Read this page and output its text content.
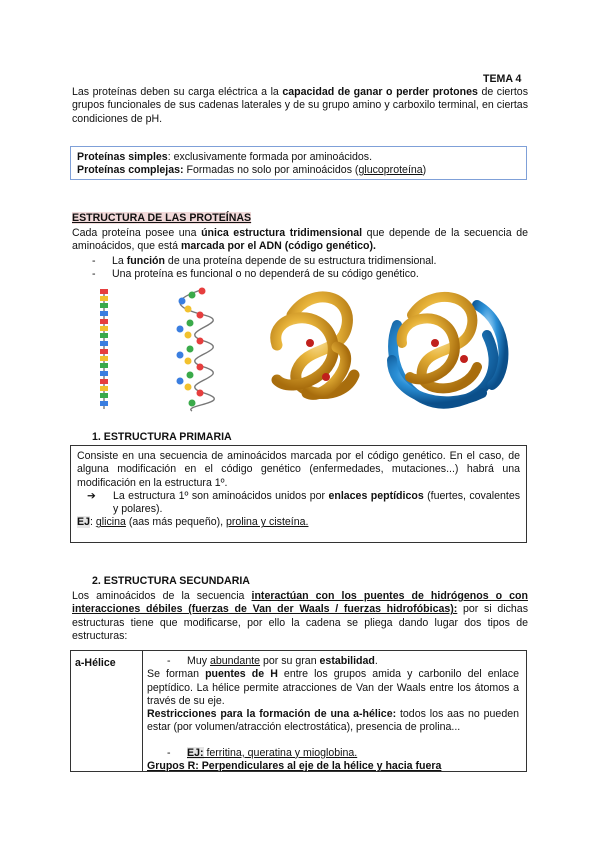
TEMA 4
Las proteínas deben su carga eléctrica a la capacidad de ganar o perder protones de ciertos grupos funcionales de sus cadenas laterales y de su grupo amino y carboxilo terminal, en ciertas condiciones de pH.
Proteínas simples: exclusivamente formada por aminoácidos.
Proteínas complejas: Formadas no solo por aminoácidos (glucoproteína)
ESTRUCTURA DE LAS PROTEÍNAS
Cada proteína posee una única estructura tridimensional que depende de la secuencia de aminoácidos, que está marcada por el ADN (código genético).
- La función de una proteína depende de su estructura tridimensional.
- Una proteína es funcional o no dependerá de su código genético.
1. ESTRUCTURA PRIMARIA
Consiste en una secuencia de aminoácidos marcada por el código genético. En el caso, de alguna modificación en el código genético (enfermedades, mutaciones...) habrá una modificación en la estructura 1º.
➔ La estructura 1º son aminoácidos unidos por enlaces peptídicos (fuertes, covalentes y polares).
EJ: glicina (aas más pequeño), prolina y cisteína.
2. ESTRUCTURA SECUNDARIA
Los aminoácidos de la secuencia interactúan con los puentes de hidrógenos o con interacciones débiles (fuerzas de Van der Waals / fuerzas hidrofóbicas): por si dichas estructuras tiene que modificarse, por ello la cadena se pliega dando lugar dos tipos de estructuras:
a-Hélice
-	Muy abundante por su gran estabilidad.
Se forman puentes de H entre los grupos amida y carbonilo del enlace peptídico. La hélice permite atracciones de Van der Waals entre los átomos a través de su eje.
Restricciones para la formación de una a-hélice: todos los aas no pueden estar (por volumen/atracción electrostática), presencia de prolina...
- EJ: ferritina, queratina y mioglobina.
Grupos R: Perpendiculares al eje de la hélice y hacia fuera
